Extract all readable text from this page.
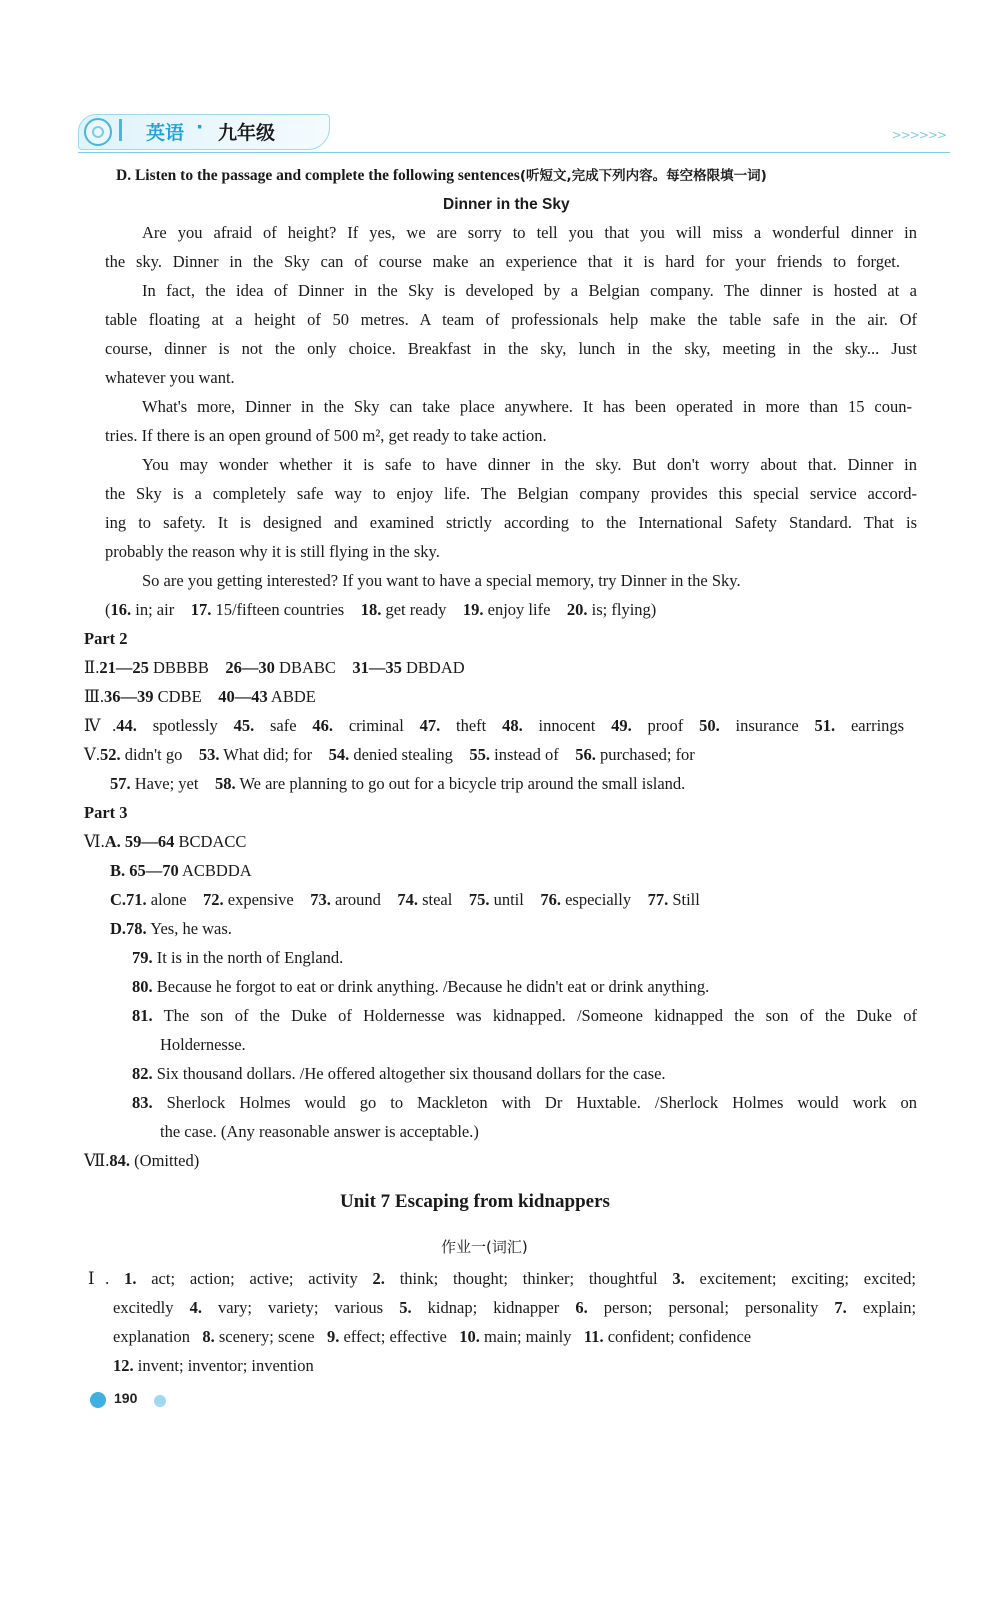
英语 · 九年级	>>>>>>
D. Listen to the passage and complete the following sentences(听短文,完成下列内容。每空格限填一词)
Dinner in the Sky
Are you afraid of height? If yes, we are sorry to tell you that you will miss a wonderful dinner in
the sky. Dinner in the Sky can of course make an experience that it is hard for your friends to forget.
In fact, the idea of Dinner in the Sky is developed by a Belgian company. The dinner is hosted at a
table floating at a height of 50 metres. A team of professionals help make the table safe in the air. Of
course, dinner is not the only choice. Breakfast in the sky, lunch in the sky, meeting in the sky... Just
whatever you want.
What's more, Dinner in the Sky can take place anywhere. It has been operated in more than 15 coun-
tries. If there is an open ground of 500 m², get ready to take action.
You may wonder whether it is safe to have dinner in the sky. But don't worry about that. Dinner in
the Sky is a completely safe way to enjoy life. The Belgian company provides this special service accord-
ing to safety. It is designed and examined strictly according to the International Safety Standard. That is
probably the reason why it is still flying in the sky.
So are you getting interested? If you want to have a special memory, try Dinner in the Sky.
(16. in; air 17. 15/fifteen countries 18. get ready 19. enjoy life 20. is; flying)
Part 2
Ⅱ.21—25 DBBBB 26—30 DBABC 31—35 DBDAD
Ⅲ.36—39 CDBE 40—43 ABDE
Ⅳ.44. spotlessly 45. safe 46. criminal 47. theft 48. innocent 49. proof 50. insurance 51. earrings
Ⅴ.52. didn't go 53. What did; for 54. denied stealing 55. instead of 56. purchased; for
57. Have; yet 58. We are planning to go out for a bicycle trip around the small island.
Part 3
Ⅵ.A. 59—64 BCDACC
B. 65—70 ACBDDA
C.71. alone 72. expensive 73. around 74. steal 75. until 76. especially 77. Still
D.78. Yes, he was.
79. It is in the north of England.
80. Because he forgot to eat or drink anything. /Because he didn't eat or drink anything.
81. The son of the Duke of Holdernesse was kidnapped. /Someone kidnapped the son of the Duke of
Holdernesse.
82. Six thousand dollars. /He offered altogether six thousand dollars for the case.
83. Sherlock Holmes would go to Mackleton with Dr Huxtable. /Sherlock Holmes would work on
the case. (Any reasonable answer is acceptable.)
Ⅶ.84. (Omitted)
Unit 7 Escaping from kidnappers
作业一(词汇)
Ⅰ. 1. act; action; active; activity 2. think; thought; thinker; thoughtful 3. excitement; exciting; excited;
excitedly 4. vary; variety; various 5. kidnap; kidnapper 6. person; personal; personality 7. explain;
explanation 8. scenery; scene 9. effect; effective 10. main; mainly 11. confident; confidence
12. invent; inventor; invention
190
